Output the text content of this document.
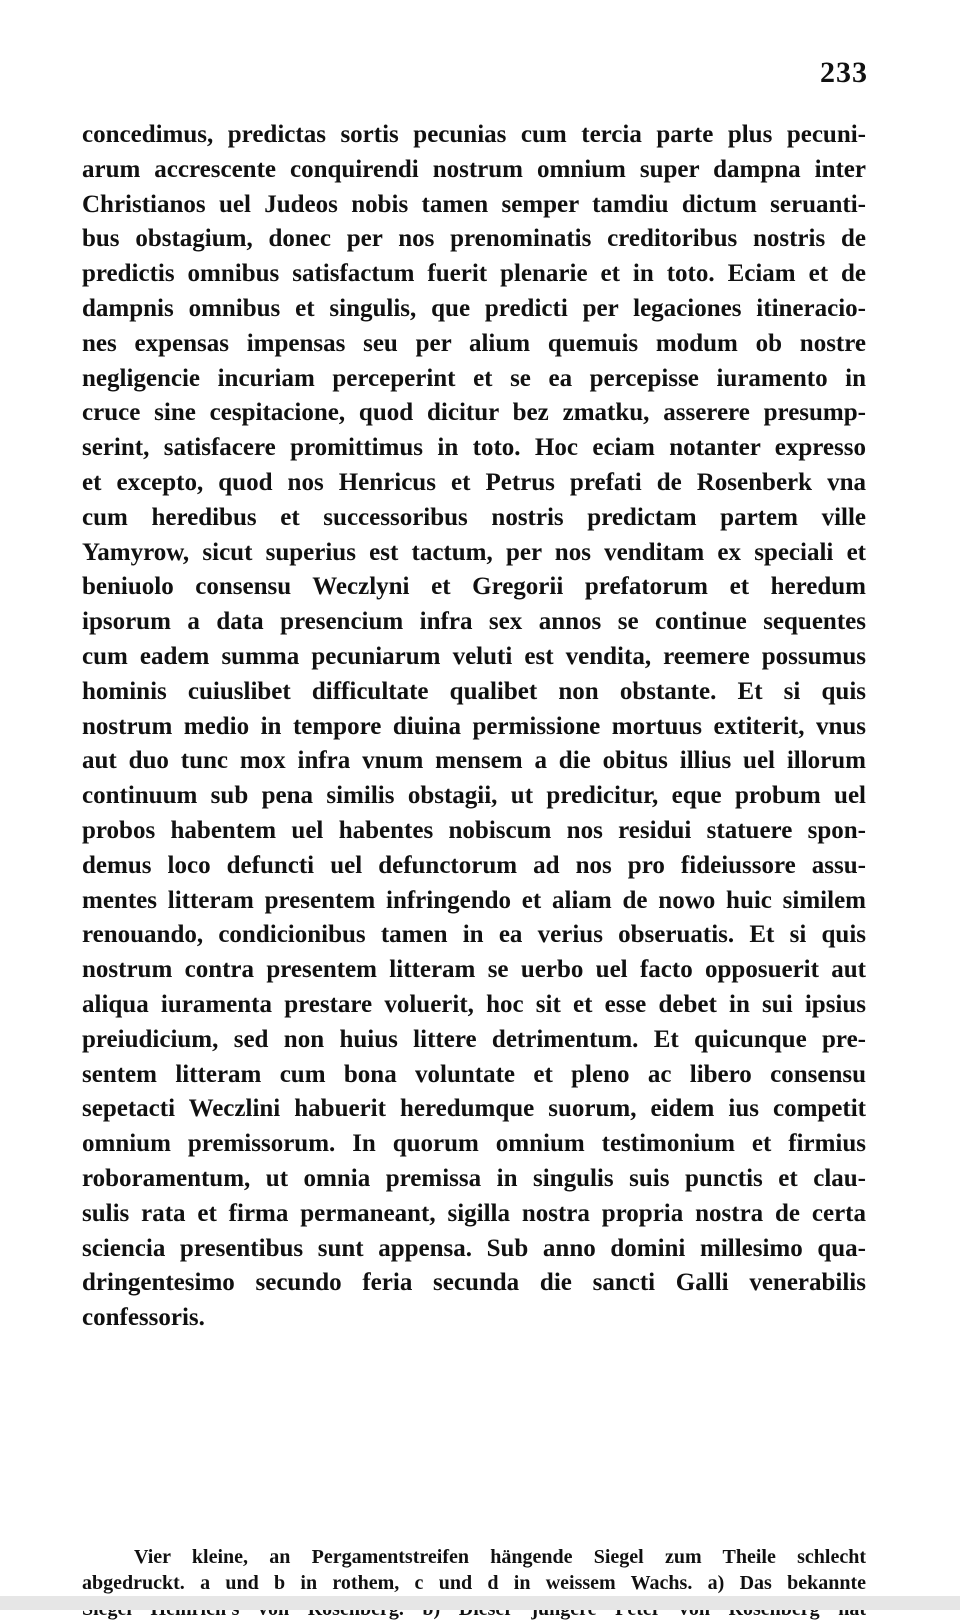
233
concedimus, predictas sortis pecunias cum tercia parte plus pecuni-
arum accrescente conquirendi nostrum omnium super dampna inter
Christianos uel Judeos nobis tamen semper tamdiu dictum seruanti-
bus obstagium, donec per nos prenominatis creditoribus nostris de
predictis omnibus satisfactum fuerit plenarie et in toto. Eciam et de
dampnis omnibus et singulis, que predicti per legaciones itineracio-
nes expensas impensas seu per alium quemuis modum ob nostre
negligencie incuriam perceperint et se ea percepisse iuramento in
cruce sine cespitacione, quod dicitur bez zmatku, asserere presump-
serint, satisfacere promittimus in toto. Hoc eciam notanter expresso
et excepto, quod nos Henricus et Petrus prefati de Rosenberk vna
cum heredibus et successoribus nostris predictam partem ville
Yamyrow, sicut superius est tactum, per nos venditam ex speciali et
beniuolo consensu Weczlyni et Gregorii prefatorum et heredum
ipsorum a data presencium infra sex annos se continue sequentes
cum eadem summa pecuniarum veluti est vendita, reemere possumus
hominis cuiuslibet difficultate qualibet non obstante. Et si quis
nostrum medio in tempore diuina permissione mortuus extiterit, vnus
aut duo tunc mox infra vnum mensem a die obitus illius uel illorum
continuum sub pena similis obstagii, ut predicitur, eque probum uel
probos habentem uel habentes nobiscum nos residui statuere spon-
demus loco defuncti uel defunctorum ad nos pro fideiussore assu-
mentes litteram presentem infringendo et aliam de nowo huic similem
renouando, condicionibus tamen in ea verius obseruatis. Et si quis
nostrum contra presentem litteram se uerbo uel facto opposuerit aut
aliqua iuramenta prestare voluerit, hoc sit et esse debet in sui ipsius
preiudicium, sed non huius littere detrimentum. Et quicunque pre-
sentem litteram cum bona voluntate et pleno ac libero consensu
sepetacti Weczlini habuerit heredumque suorum, eidem ius competit
omnium premissorum. In quorum omnium testimonium et firmius
roboramentum, ut omnia premissa in singulis suis punctis et clau-
sulis rata et firma permaneant, sigilla nostra propria nostra de certa
sciencia presentibus sunt appensa. Sub anno domini millesimo qua-
dringentesimo secundo feria secunda die sancti Galli venerabilis
confessoris.
Vier kleine, an Pergamentstreifen hängende Siegel zum Theile schlecht
abgedruckt. a und b in rothem, c und d in weissem Wachs. a) Das bekannte
